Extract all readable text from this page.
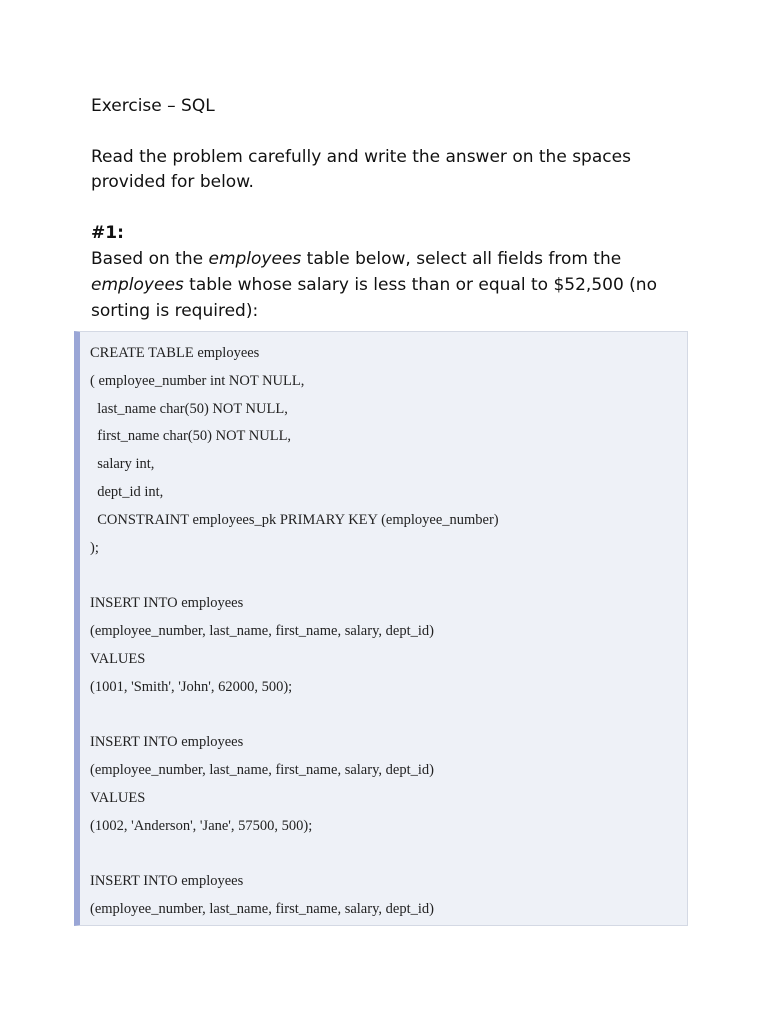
Exercise – SQL
Read the problem carefully and write the answer on the spaces provided for below.
#1:
Based on the employees table below, select all fields from the employees table whose salary is less than or equal to $52,500 (no sorting is required):
CREATE TABLE employees
( employee_number int NOT NULL,
last_name char(50) NOT NULL,
first_name char(50) NOT NULL,
salary int,
dept_id int,
CONSTRAINT employees_pk PRIMARY KEY (employee_number)
);
INSERT INTO employees
(employee_number, last_name, first_name, salary, dept_id)
VALUES
(1001, 'Smith', 'John', 62000, 500);
INSERT INTO employees
(employee_number, last_name, first_name, salary, dept_id)
VALUES
(1002, 'Anderson', 'Jane', 57500, 500);
INSERT INTO employees
(employee_number, last_name, first_name, salary, dept_id)
